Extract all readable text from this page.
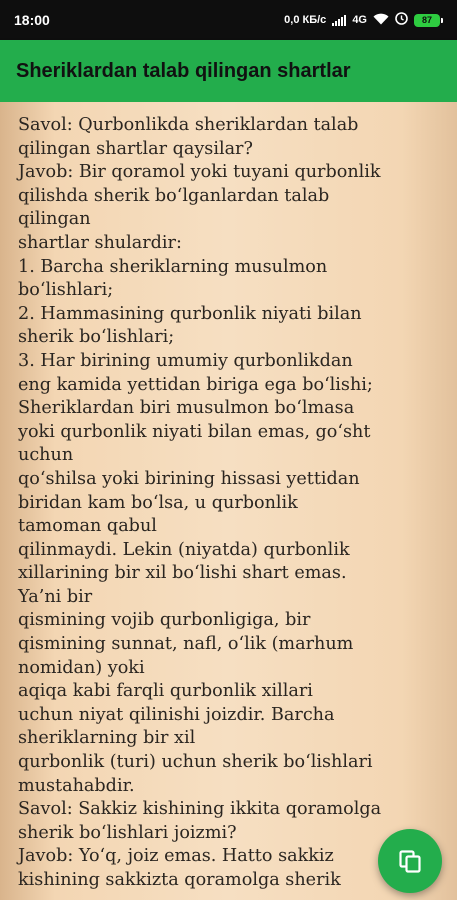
18:00	0,0 КБ/с 4G	87
Sheriklardan talab qilingan shartlar
Savol: Qurbonlikda sheriklardan talab
qilingan shartlar qaysilar?
Javob: Bir qoramol yoki tuyani qurbonlik
qilishda sherik boʻlganlardan talab
qilingan
shartlar shulardir:
1. Barcha sheriklarning musulmon
boʻlishlari;
2. Hammasining qurbonlik niyati bilan
sherik boʻlishlari;
3. Har birining umumiy qurbonlikdan
eng kamida yettidan biriga ega boʻlishi;
Sheriklardan biri musulmon boʻlmasa
yoki qurbonlik niyati bilan emas, goʻsht
uchun
qoʻshilsa yoki birining hissasi yettidan
biridan kam boʻlsa, u qurbonlik
tamoman qabul
qilinmaydi. Lekin (niyatda) qurbonlik
xillarining bir xil boʻlishi shart emas.
Ya’ni bir
qismining vojib qurbonligiga, bir
qismining sunnat, nafl, oʻlik (marhum
nomidan) yoki
aqiqa kabi farqli qurbonlik xillari
uchun niyat qilinishi joizdir. Barcha
sheriklarning bir xil
qurbonlik (turi) uchun sherik boʻlishlari
mustahabdir.
Savol: Sakkiz kishining ikkita qoramolga
sherik boʻlishlari joizmi?
Javob: Yoʻq, joiz emas. Hatto sakkiz
kishining sakkizta qoramolga sherik
